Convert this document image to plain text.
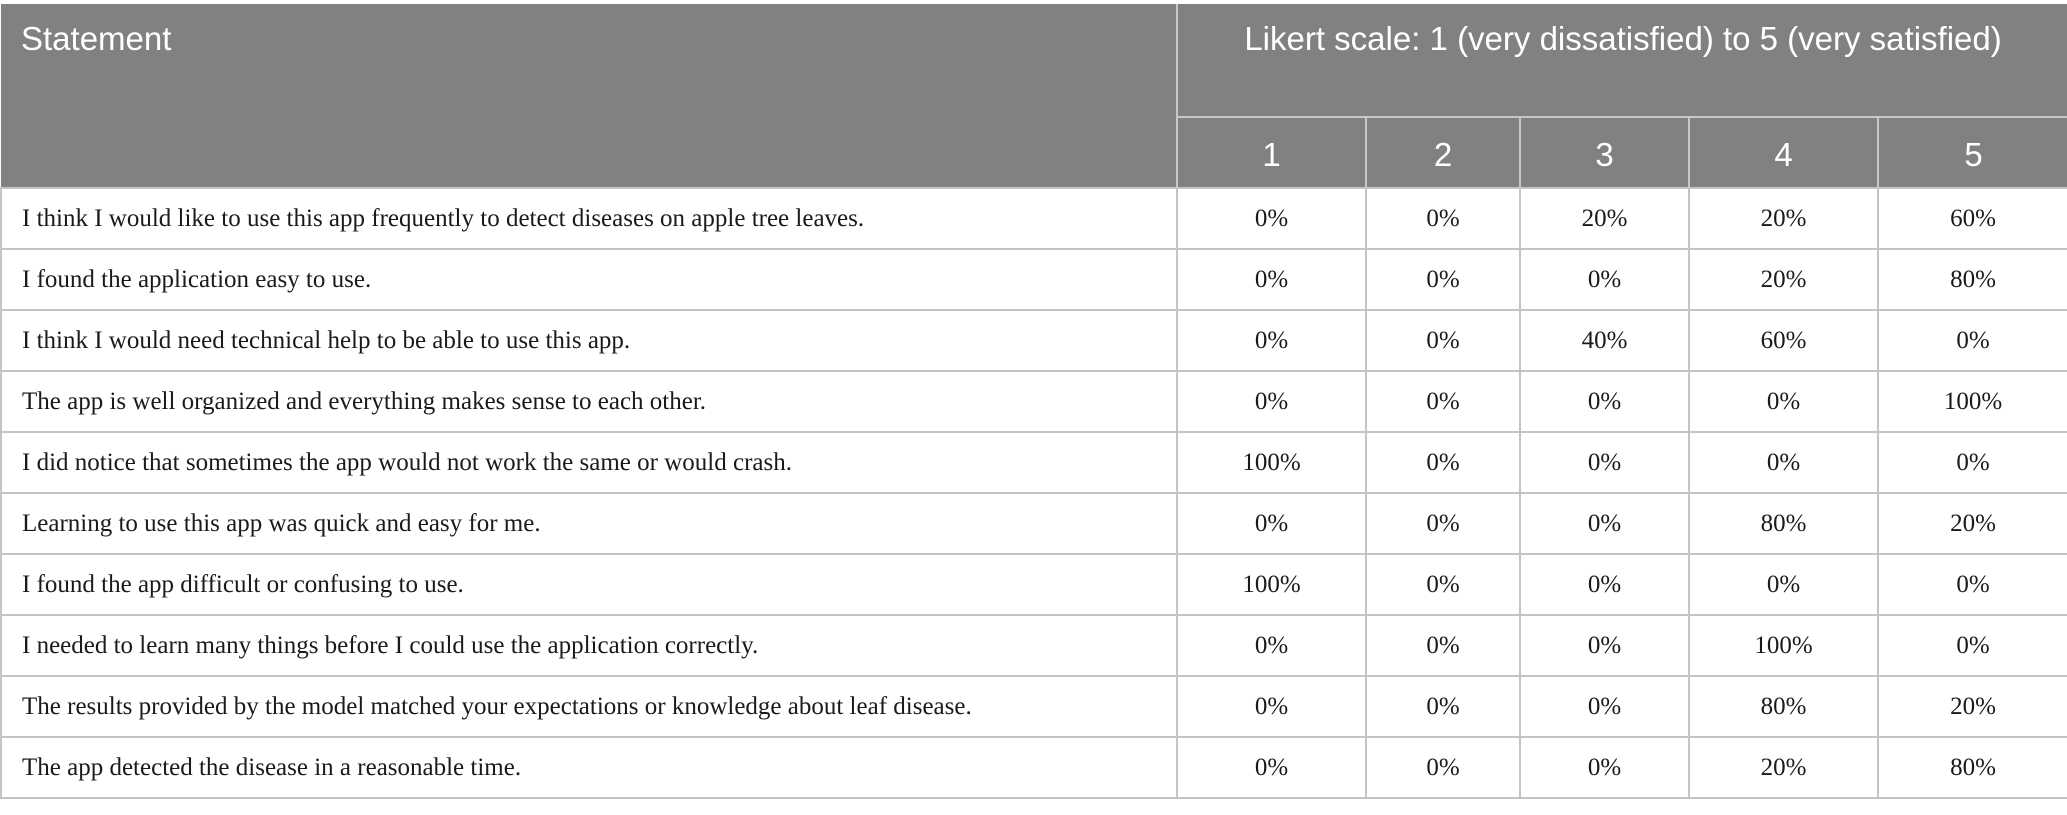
Statement	Likert scale: 1 (very dissatisfied) to 5 (very satisfied)				
	1	2	3	4	5
I think I would like to use this app frequently to detect diseases on apple tree leaves.	0%	0%	20%	20%	60%
I found the application easy to use.	0%	0%	0%	20%	80%
I think I would need technical help to be able to use this app.	0%	0%	40%	60%	0%
The app is well organized and everything makes sense to each other.	0%	0%	0%	0%	100%
I did notice that sometimes the app would not work the same or would crash.	100%	0%	0%	0%	0%
Learning to use this app was quick and easy for me.	0%	0%	0%	80%	20%
I found the app difficult or confusing to use.	100%	0%	0%	0%	0%
I needed to learn many things before I could use the application correctly.	0%	0%	0%	100%	0%
The results provided by the model matched your expectations or knowledge about leaf disease.	0%	0%	0%	80%	20%
The app detected the disease in a reasonable time.	0%	0%	0%	20%	80%
